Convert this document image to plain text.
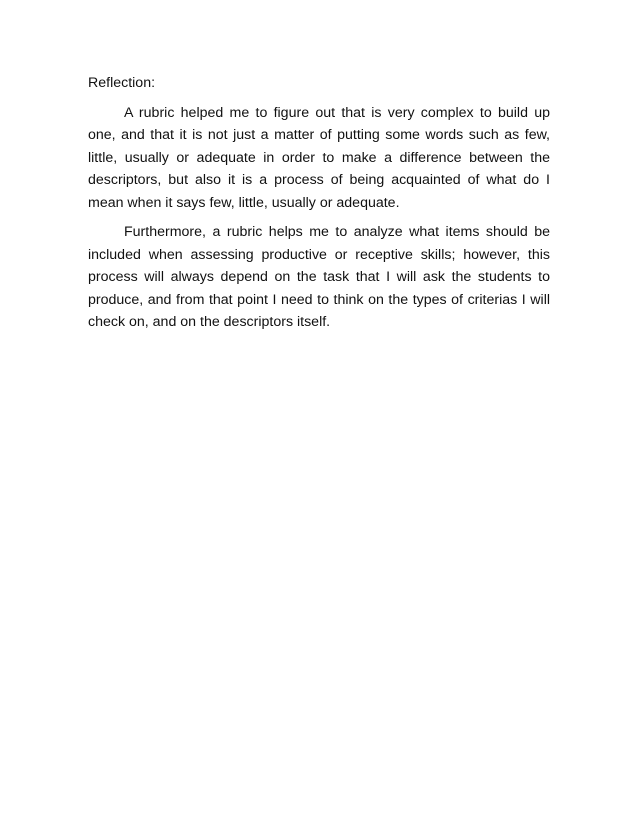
Reflection:

A rubric helped me to figure out that is very complex to build up one, and that it is not just a matter of putting some words such as few, little, usually or adequate in order to make a difference between the descriptors, but also it is a process of being acquainted of what do I mean when it says few, little, usually or adequate.

Furthermore, a rubric helps me to analyze what items should be included when assessing productive or receptive skills; however, this process will always depend on the task that I will ask the students to produce, and from that point I need to think on the types of criterias I will check on, and on the descriptors itself.
